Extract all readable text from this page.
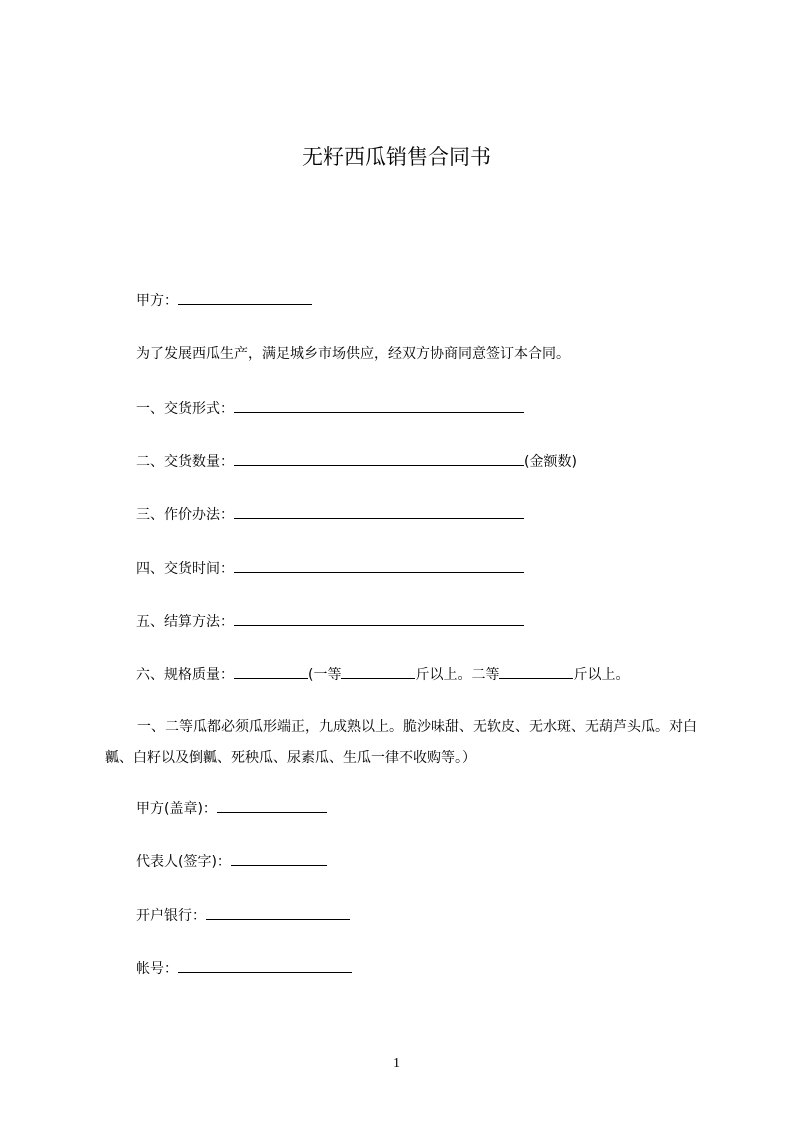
无籽西瓜销售合同书
甲方：
为了发展西瓜生产，满足城乡市场供应，经双方协商同意签订本合同。
一、交货形式：
二、交货数量：	(金额数)
三、作价办法：
四、交货时间：
五、结算方法：
六、规格质量：	(一等	斤以上。二等	斤以上。
一、二等瓜都必须瓜形端正，九成熟以上。脆沙味甜、无软皮、无水斑、无葫芦头瓜。对白瓤、白籽以及倒瓤、死秧瓜、尿素瓜、生瓜一律不收购等。）
甲方(盖章)：
代表人(签字)：
开户银行：
帐号：
1
